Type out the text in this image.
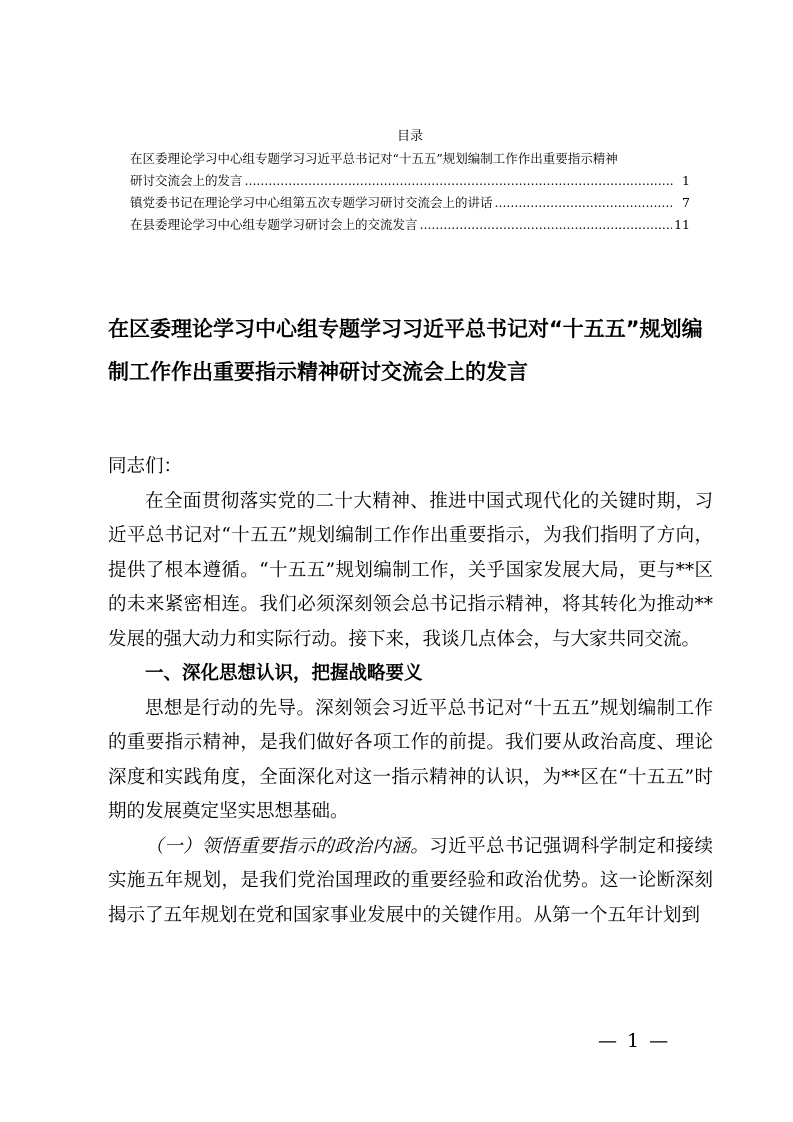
目录
在区委理论学习中心组专题学习习近平总书记对“十五五”规划编制工作作出重要指示精神
研讨交流会上的发言 .....	1
镇党委书记在理论学习中心组第五次专题学习研讨交流会上的讲话 .....	7
在县委理论学习中心组专题学习研讨会上的交流发言 .....	11
在区委理论学习中心组专题学习习近平总书记对“十五五”规划编制工作作出重要指示精神研讨交流会上的发言

同志们：

在全面贯彻落实党的二十大精神、推进中国式现代化的关键时期，习近平总书记对“十五五”规划编制工作作出重要指示，为我们指明了方向，提供了根本遵循。“十五五”规划编制工作，关乎国家发展大局，更与**区的未来紧密相连。我们必须深刻领会总书记指示精神，将其转化为推动**发展的强大动力和实际行动。接下来，我谈几点体会，与大家共同交流。

一、深化思想认识，把握战略要义

思想是行动的先导。深刻领会习近平总书记对“十五五”规划编制工作的重要指示精神，是我们做好各项工作的前提。我们要从政治高度、理论深度和实践角度，全面深化对这一指示精神的认识，为**区在“十五五”时期的发展奠定坚实思想基础。

（一）领悟重要指示的政治内涵。习近平总书记强调科学制定和接续实施五年规划，是我们党治国理政的重要经验和政治优势。这一论断深刻揭示了五年规划在党和国家事业发展中的关键作用。从第一个五年计划到

— 1 —
